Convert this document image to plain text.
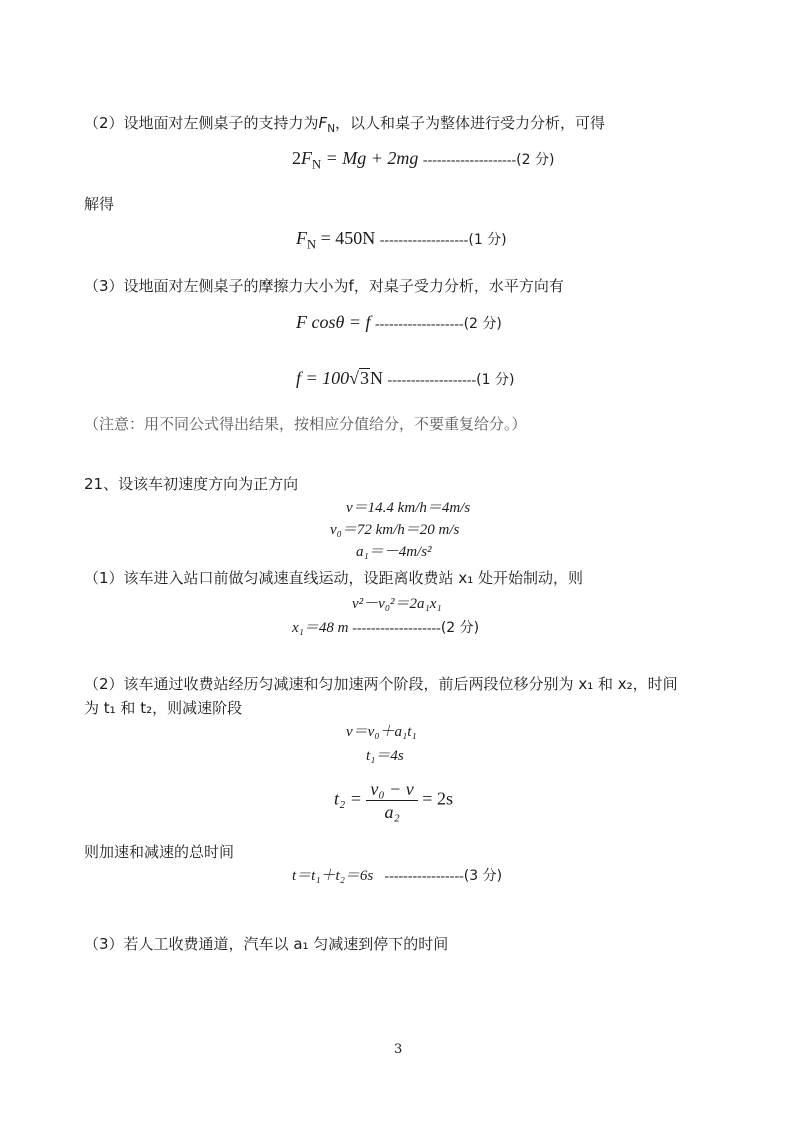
（2）设地面对左侧桌子的支持力为$F_N$，以人和桌子为整体进行受力分析，可得
$2F_N = Mg + 2mg$ --------------------(2 分)
解得
$F_N = 450N$ -------------------(1 分)
（3）设地面对左侧桌子的摩擦力大小为f，对桌子受力分析，水平方向有
F cosθ = f -------------------(2 分)
f = 100√3N -------------------(1 分)
（注意：用不同公式得出结果，按相应分值给分，不要重复给分。）
21、设该车初速度方向为正方向
v＝14.4 km/h＝4m/s
v₀＝72 km/h＝20 m/s
a₁＝－4m/s²
（1）该车进入站口前做匀减速直线运动，设距离收费站 x₁ 处开始制动，则
v²－v₀²＝2a₁x₁
x₁＝48 m -------------------(2 分)
（2）该车通过收费站经历匀减速和匀加速两个阶段，前后两段位移分别为 x₁ 和 x₂，时间
为 t₁ 和 t₂，则减速阶段
v＝v₀＋a₁t₁
t₁＝4s
$t_2 = \frac{\text{v₀ − v}}{\text{a₂}} = 2s$
则加速和减速的总时间
t＝t₁＋t₂＝6s -----------------(3 分)
（3）若人工收费通道，汽车以 a₁ 匀减速到停下的时间
3
